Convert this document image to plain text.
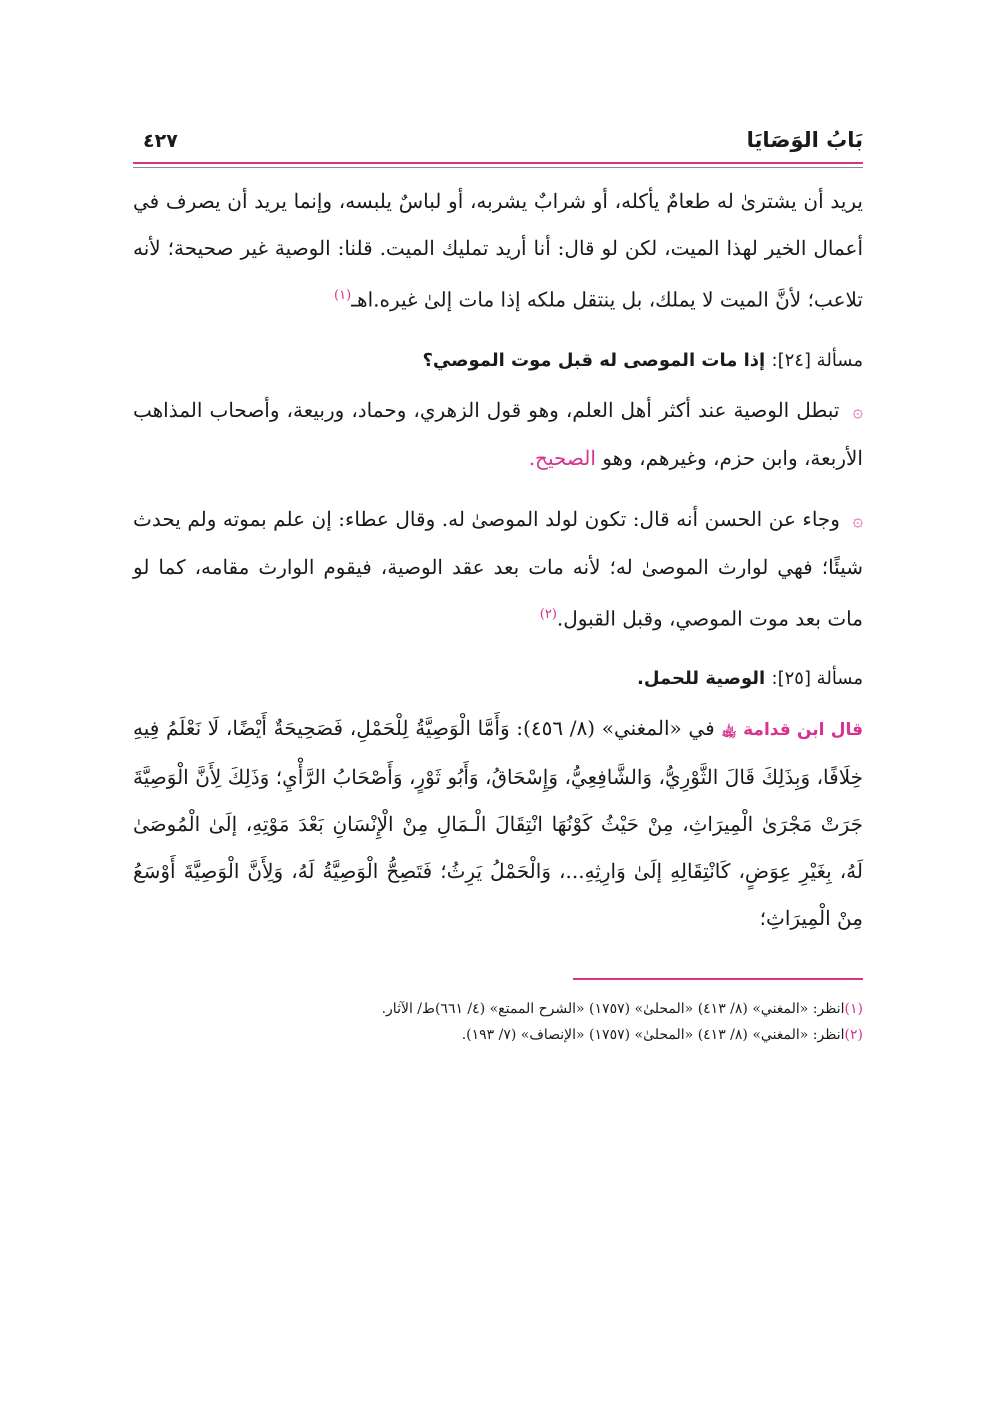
بَابُ الوَصَايَا
٤٢٧

يريد أن يشترىٰ له طعامٌ يأكله، أو شرابٌ يشربه، أو لباسٌ يلبسه، وإنما يريد أن يصرف في أعمال الخير لهذا الميت، لكن لو قال: أنا أريد تمليك الميت. قلنا: الوصية غير صحيحة؛ لأنه تلاعب؛ لأنَّ الميت لا يملك، بل ينتقل ملكه إذا مات إلىٰ غيره.اهـ$^{(١)}$

مسألة [٢٤]: إذا مات الموصى له قبل موت الموصي؟

۞ تبطل الوصية عند أكثر أهل العلم، وهو قول الزهري، وحماد، وربيعة، وأصحاب المذاهب الأربعة، وابن حزم، وغيرهم، وهو الصحيح.

۞ وجاء عن الحسن أنه قال: تكون لولد الموصىٰ له. وقال عطاء: إن علم بموته ولم يحدث شيئًا؛ فهي لوارث الموصىٰ له؛ لأنه مات بعد عقد الوصية، فيقوم الوارث مقامه، كما لو مات بعد موت الموصي، وقبل القبول.$^{(٢)}$

مسألة [٢٥]: الوصية للحمل.

قال ابن قدامة ﵀ في «المغني» (٨/ ٤٥٦): وَأَمَّا الْوَصِيَّةُ لِلْحَمْلِ، فَصَحِيحَةٌ أَيْضًا، لَا نَعْلَمُ فِيهِ خِلَافًا، وَبِذَلِكَ قَالَ الثَّوْرِيُّ، وَالشَّافِعِيُّ، وَإِسْحَاقُ، وَأَبُو ثَوْرٍ، وَأَصْحَابُ الرَّأْيِ؛ وَذَلِكَ لِأَنَّ الْوَصِيَّةَ جَرَتْ مَجْرَىٰ الْمِيرَاثِ، مِنْ حَيْثُ كَوْنُهَا انْتِقَالَ الْـمَالِ مِنْ الْإِنْسَانِ بَعْدَ مَوْتِهِ، إلَىٰ الْمُوصَىٰ لَهُ، بِغَيْرِ عِوَضٍ، كَانْتِقَالِهِ إلَىٰ وَارِثِهِ...، وَالْحَمْلُ يَرِثُ؛ فَتَصِحُّ الْوَصِيَّةُ لَهُ، وَلِأَنَّ الْوَصِيَّةَ أَوْسَعُ مِنْ الْمِيرَاثِ؛

(١)انظر: «المغني» (٨/ ٤١٣) «المحلىٰ» (١٧٥٧) «الشرح الممتع» (٤/ ٦٦١)ط/ الآثار.
(٢)انظر: «المغني» (٨/ ٤١٣) «المحلىٰ» (١٧٥٧) «الإنصاف» (٧/ ١٩٣).
